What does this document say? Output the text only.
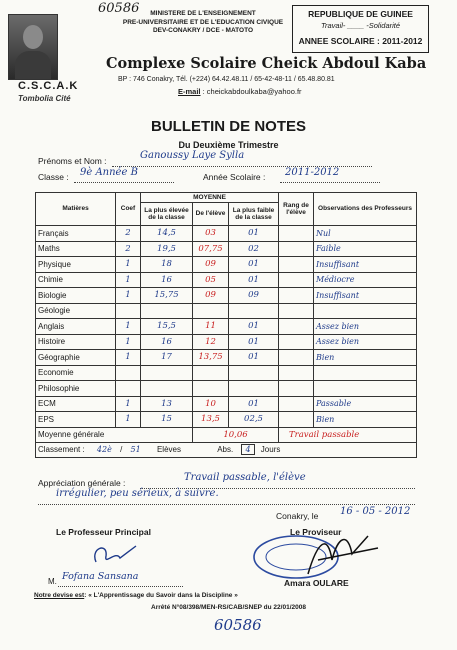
60586
C.S.C.A.K
Tombolia Cité
MINISTERE DE L'ENSEIGNEMENT
PRE-UNIVERSITAIRE ET DE L'EDUCATION CIVIQUE
DEV-CONAKRY / DCE - MATOTO
REPUBLIQUE DE GUINEE
Travail- ____ -Solidarité
ANNEE SCOLAIRE : 2011-2012
Complexe Scolaire Cheick Abdoul Kaba
BP : 746 Conakry, Tél. (+224) 64.42.48.11 / 65-42-48-11 / 65.48.80.81
E-mail : cheickabdoulkaba@yahoo.fr
BULLETIN DE NOTES
Du Deuxième Trimestre
Prénoms et Nom :	Ganoussy Laye Sylla
Classe : 9è Année B	Année Scolaire : 2011-2012
Matières	Coef	MOYENNE			Rang de l'élève	Observations des Professeurs
		La plus élevée de la classe	De l'élève	La plus faible de la classe		
Français	2	14,5	03	01		Nul
Maths	2	19,5	07,75	02		Faible
Physique	1	18	09	01		Insuffisant
Chimie	1	16	05	01		Médiocre
Biologie	1	15,75	09	09		Insuffisant
Géologie						
Anglais	1	15,5	11	01		Assez bien
Histoire	1	16	12	01		Assez bien
Géographie	1	17	13,75	01		Bien
Economie						
Philosophie						
ECM	1	13	10	01		Passable
EPS	1	15	13,5	02,5		Bien
Moyenne générale			10,06		Travail passable	
Classement : 42è / 51 Elèves Abs. 4 Jours						
Appréciation générale :	Travail passable, l'élève
irrégulier, peu sérieux, à suivre.
Conakry, le 16 - 05 - 2012
Le Professeur Principal	Le Proviseur
M. Fofana Sansana
Amara OULARE
Notre devise est: « L'Apprentissage du Savoir dans la Discipline »
Arrêté N°08/398/MEN-RS/CAB/SNEP du 22/01/2008
60586
